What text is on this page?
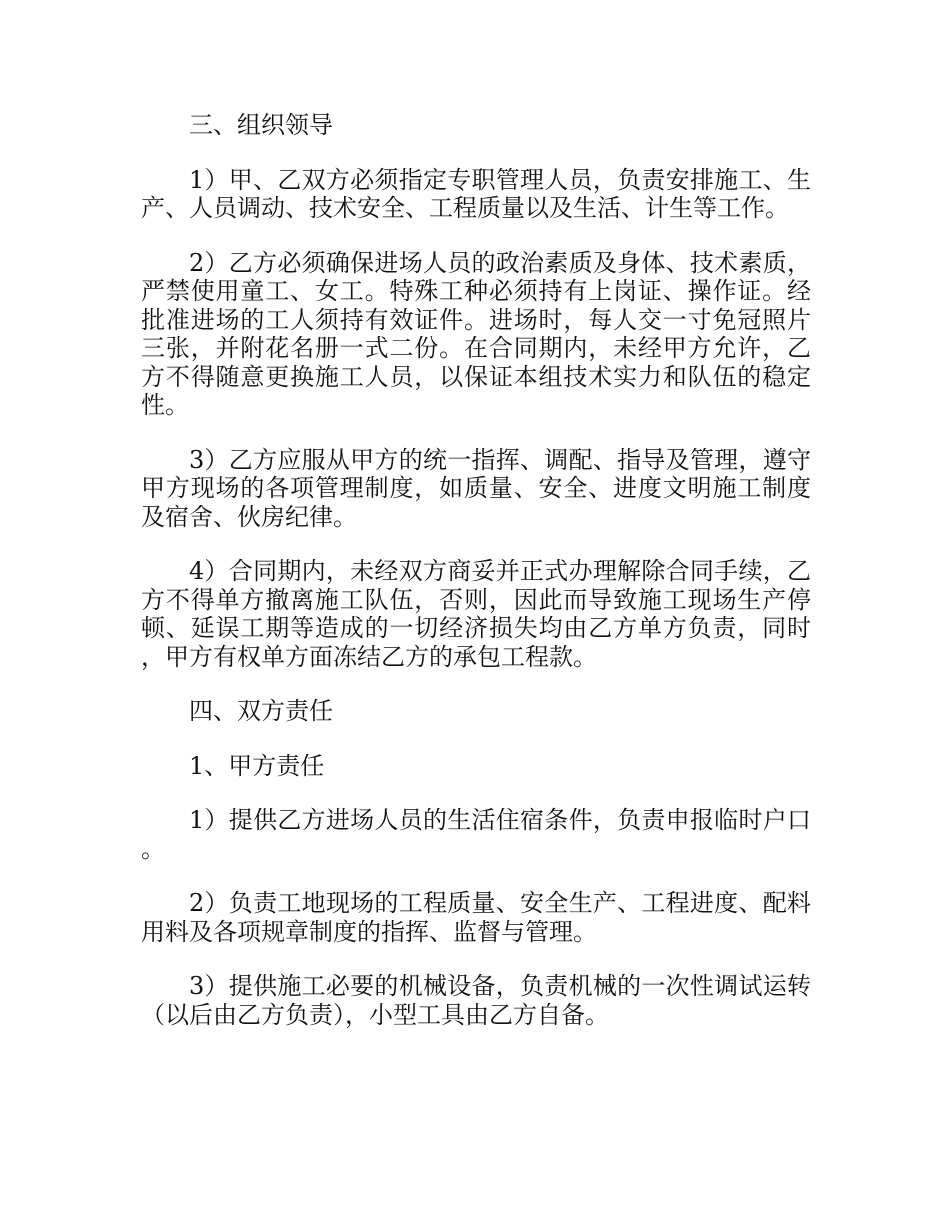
三、组织领导

1）甲、乙双方必须指定专职管理人员，负责安排施工、生产、人员调动、技术安全、工程质量以及生活、计生等工作。

2）乙方必须确保进场人员的政治素质及身体、技术素质，严禁使用童工、女工。特殊工种必须持有上岗证、操作证。经批准进场的工人须持有效证件。进场时，每人交一寸免冠照片三张，并附花名册一式二份。在合同期内，未经甲方允许，乙方不得随意更换施工人员，以保证本组技术实力和队伍的稳定性。

3）乙方应服从甲方的统一指挥、调配、指导及管理，遵守甲方现场的各项管理制度，如质量、安全、进度文明施工制度及宿舍、伙房纪律。

4）合同期内，未经双方商妥并正式办理解除合同手续，乙方不得单方撤离施工队伍，否则，因此而导致施工现场生产停顿、延误工期等造成的一切经济损失均由乙方单方负责，同时，甲方有权单方面冻结乙方的承包工程款。

四、双方责任

1、甲方责任

1）提供乙方进场人员的生活住宿条件，负责申报临时户口。

2）负责工地现场的工程质量、安全生产、工程进度、配料用料及各项规章制度的指挥、监督与管理。

3）提供施工必要的机械设备，负责机械的一次性调试运转（以后由乙方负责），小型工具由乙方自备。
